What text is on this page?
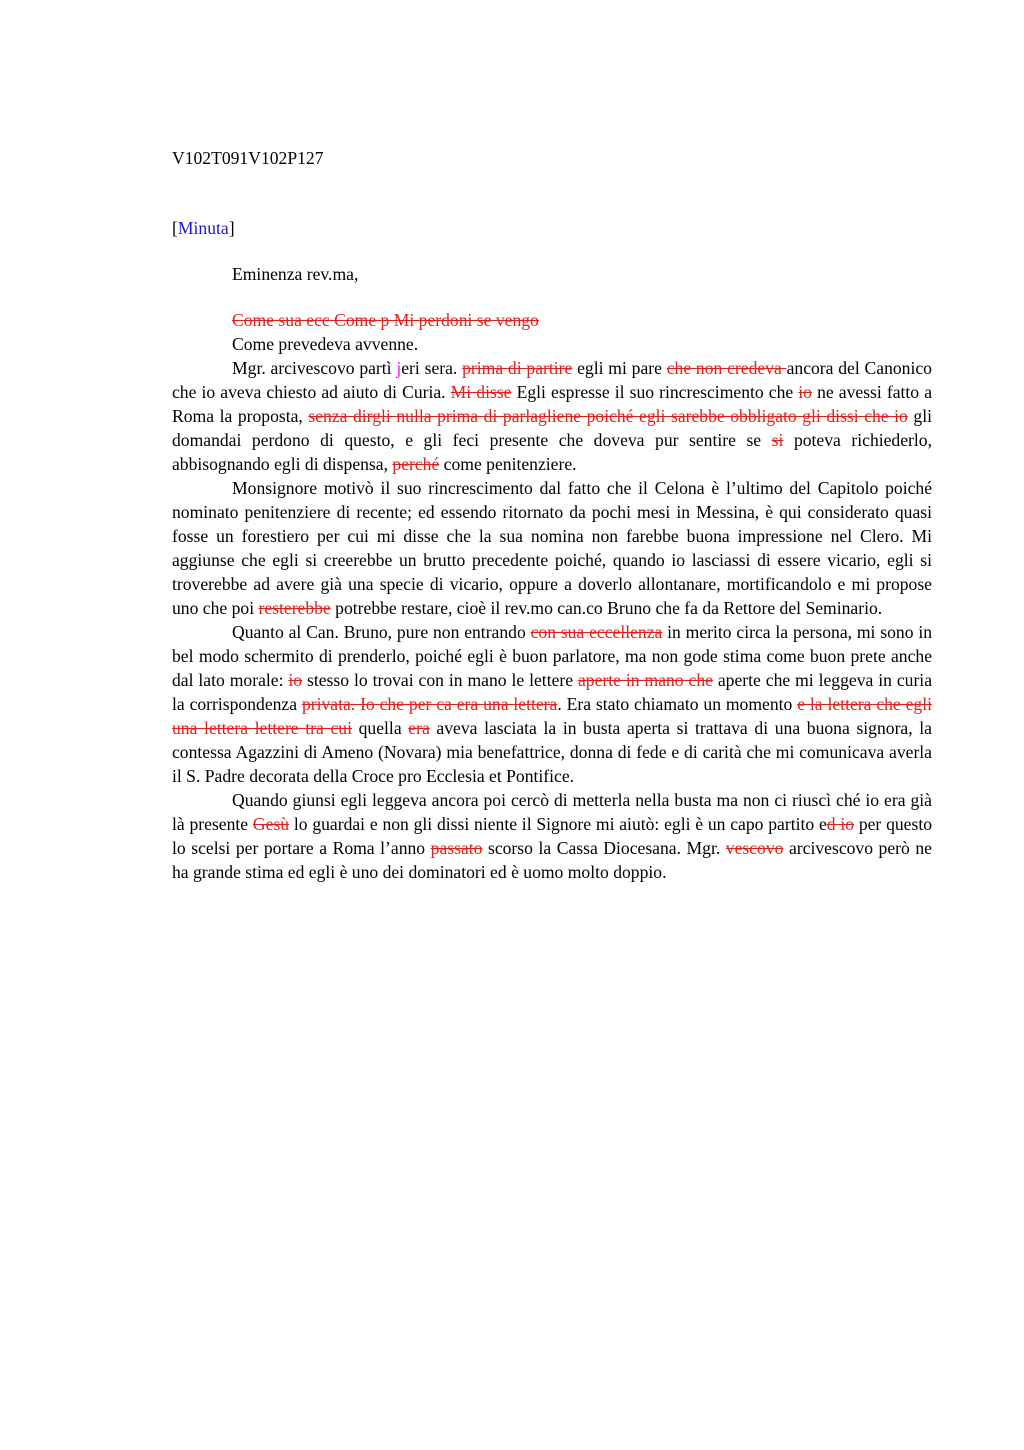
V102T091V102P127
[Minuta]
Eminenza rev.ma,

Come sua ecc Come p Mi perdoni se vengo

Come prevedeva avvenne.

Mgr. arcivescovo partì jeri sera. prima di partire egli mi pare che non credeva ancora del Canonico che io aveva chiesto ad aiuto di Curia. Mi disse Egli espresse il suo rincrescimento che io ne avessi fatto a Roma la proposta, senza dirgli nulla prima di parlagliene poiché egli sarebbe obbligato gli dissi che io gli domandai perdono di questo, e gli feci presente che doveva pur sentire se si poteva richiederlo, abbisognando egli di dispensa, perché come penitenziere.

Monsignore motivò il suo rincrescimento dal fatto che il Celona è l’ultimo del Capitolo poiché nominato penitenziere di recente; ed essendo ritornato da pochi mesi in Messina, è qui considerato quasi fosse un forestiero per cui mi disse che la sua nomina non farebbe buona impressione nel Clero. Mi aggiunse che egli si creerebbe un brutto precedente poiché, quando io lasciassi di essere vicario, egli si troverebbe ad avere già una specie di vicario, oppure a doverlo allontanare, mortificandolo e mi propose uno che poi resterebbe potrebbe restare, cioè il rev.mo can.co Bruno che fa da Rettore del Seminario.

Quanto al Can. Bruno, pure non entrando con sua eccellenza in merito circa la persona, mi sono in bel modo schermito di prenderlo, poiché egli è buon parlatore, ma non gode stima come buon prete anche dal lato morale: io stesso lo trovai con in mano le lettere aperte in mano che aperte che mi leggeva in curia la corrispondenza privata. Io che per ca era una lettera. Era stato chiamato un momento e la lettera che egli una lettera lettere tra cui quella era aveva lasciata la in busta aperta si trattava di una buona signora, la contessa Agazzini di Ameno (Novara) mia benefattrice, donna di fede e di carità che mi comunicava averla il S. Padre decorata della Croce pro Ecclesia et Pontifice.

Quando giunsi egli leggeva ancora poi cercò di metterla nella busta ma non ci riuscì ché io era già là presente Gesù lo guardai e non gli dissi niente il Signore mi aiutò: egli è un capo partito ed io per questo lo scelsi per portare a Roma l’anno passato scorso la Cassa Diocesana. Mgr. vescovo arcivescovo però ne ha grande stima ed egli è uno dei dominatori ed è uomo molto doppio.
